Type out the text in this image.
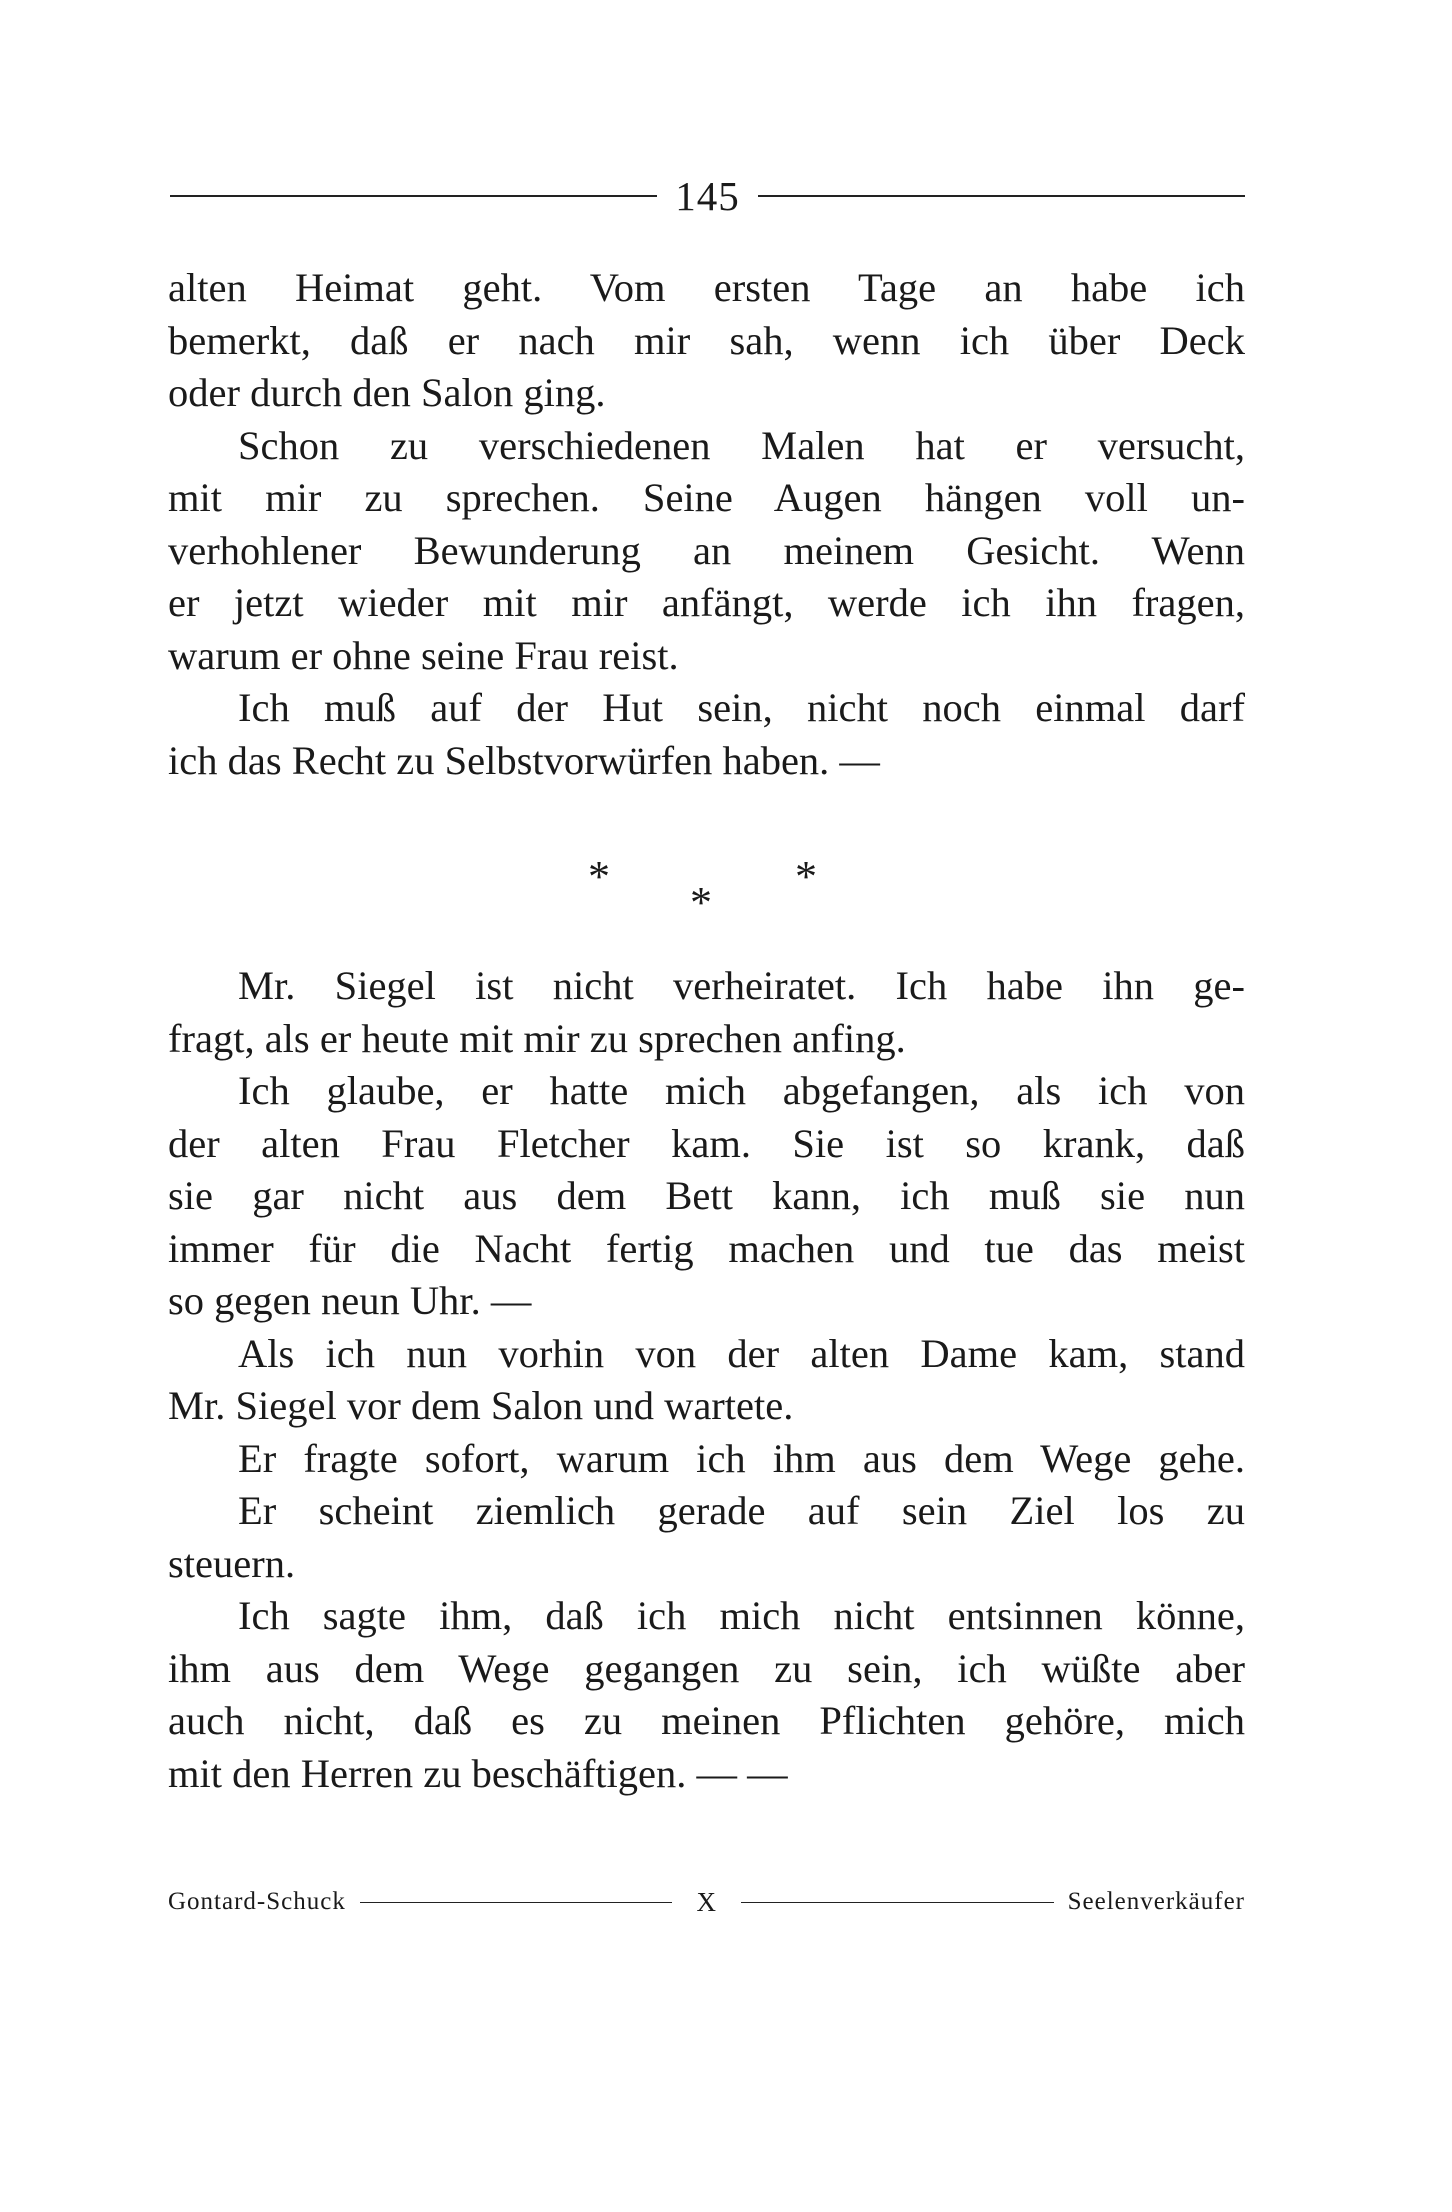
145
alten Heimat geht. Vom ersten Tage an habe ich
bemerkt, daß er nach mir sah, wenn ich über Deck
oder durch den Salon ging.
Schon zu verschiedenen Malen hat er versucht,
mit mir zu sprechen. Seine Augen hängen voll un-
verhohlener Bewunderung an meinem Gesicht. Wenn
er jetzt wieder mit mir anfängt, werde ich ihn fragen,
warum er ohne seine Frau reist.
Ich muß auf der Hut sein, nicht noch einmal darf
ich das Recht zu Selbstvorwürfen haben. —
*
*
*
Mr. Siegel ist nicht verheiratet. Ich habe ihn ge-
fragt, als er heute mit mir zu sprechen anfing.
Ich glaube, er hatte mich abgefangen, als ich von
der alten Frau Fletcher kam. Sie ist so krank, daß
sie gar nicht aus dem Bett kann, ich muß sie nun
immer für die Nacht fertig machen und tue das meist
so gegen neun Uhr. —
Als ich nun vorhin von der alten Dame kam, stand
Mr. Siegel vor dem Salon und wartete.
Er fragte sofort, warum ich ihm aus dem Wege gehe.
Er scheint ziemlich gerade auf sein Ziel los zu
steuern.
Ich sagte ihm, daß ich mich nicht entsinnen könne,
ihm aus dem Wege gegangen zu sein, ich wüßte aber
auch nicht, daß es zu meinen Pflichten gehöre, mich
mit den Herren zu beschäftigen. — —
Gontard-Schuck	X	Seelenverkäufer
